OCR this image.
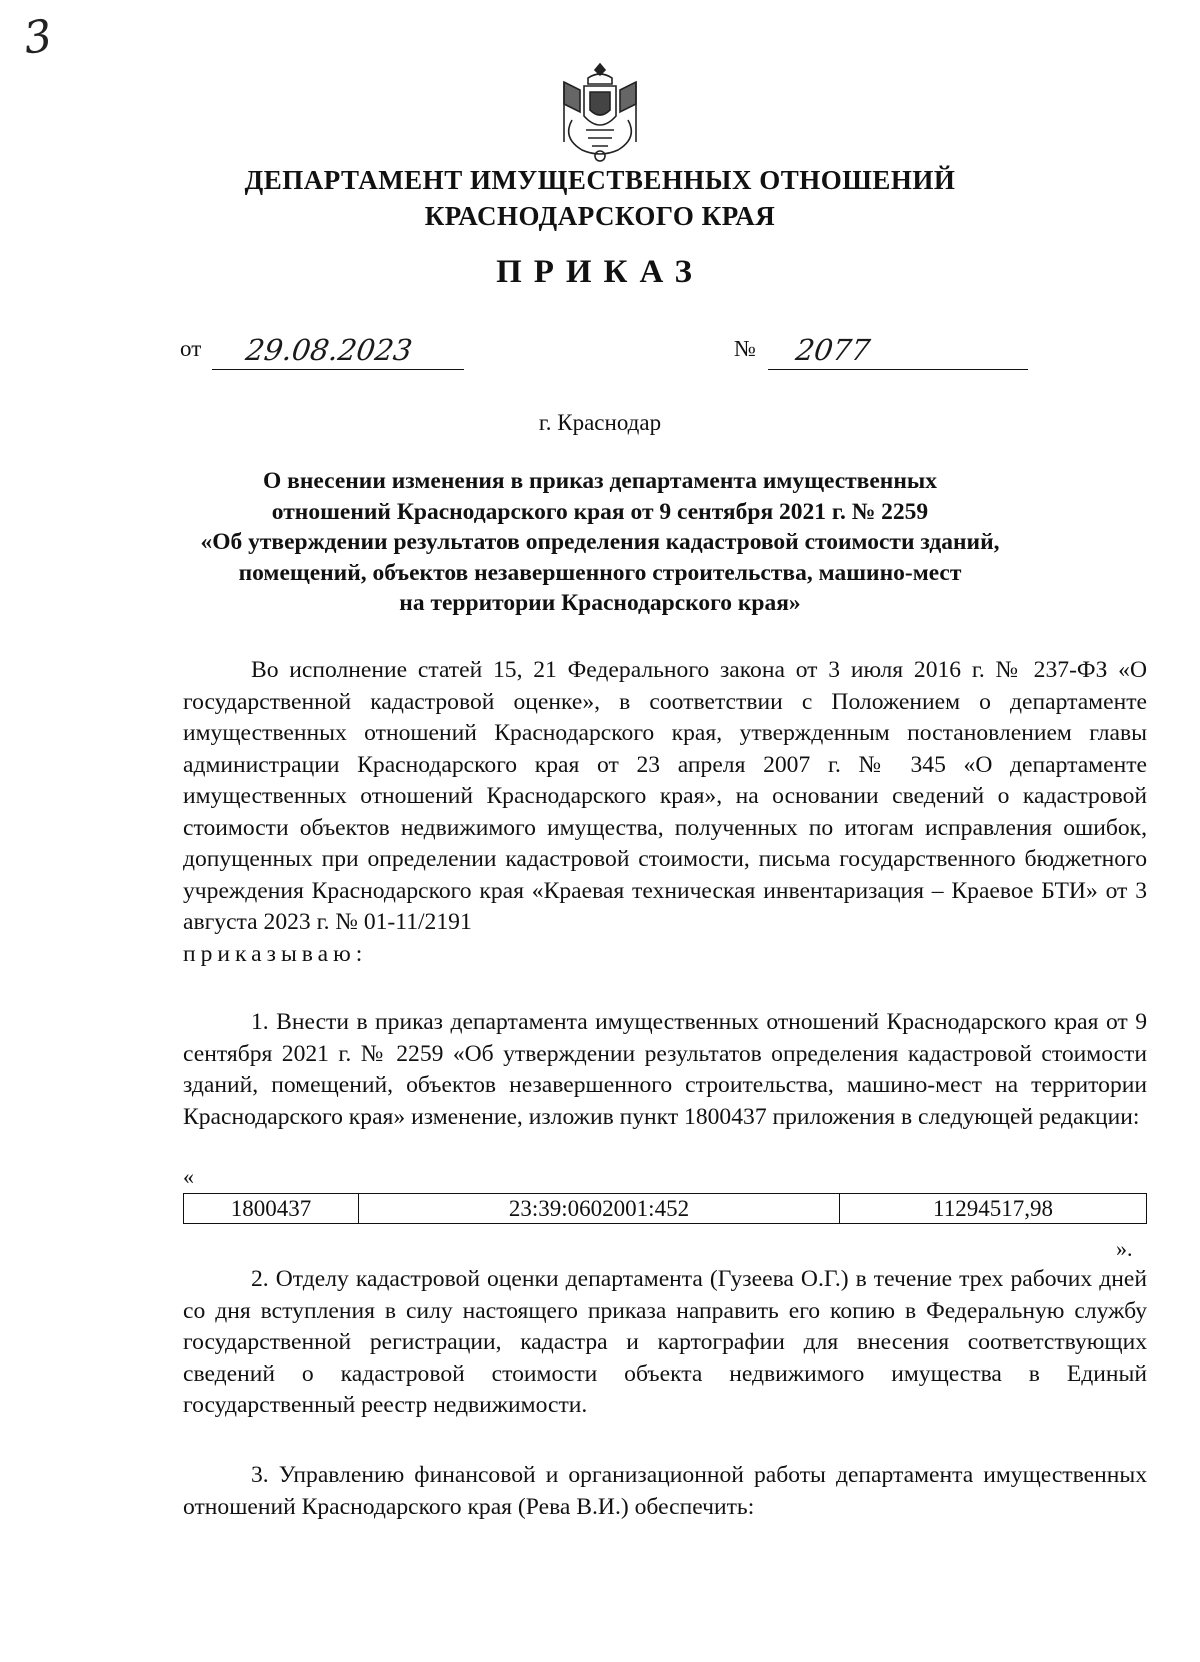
3
ДЕПАРТАМЕНТ ИМУЩЕСТВЕННЫХ ОТНОШЕНИЙ
КРАСНОДАРСКОГО КРАЯ
ПРИКАЗ
от	29.08.2023	№	2077
г. Краснодар
О внесении изменения в приказ департамента имущественных
отношений Краснодарского края от 9 сентября 2021 г. № 2259
«Об утверждении результатов определения кадастровой стоимости зданий,
помещений, объектов незавершенного строительства, машино-мест
на территории Краснодарского края»
Во исполнение статей 15, 21 Федерального закона от 3 июля 2016 г. № 237-ФЗ «О государственной кадастровой оценке», в соответствии с Положением о департаменте имущественных отношений Краснодарского края, утвержденным постановлением главы администрации Краснодарского края от 23 апреля 2007 г. № 345 «О департаменте имущественных отношений Краснодарского края», на основании сведений о кадастровой стоимости объектов недвижимого имущества, полученных по итогам исправления ошибок, допущенных при определении кадастровой стоимости, письма государственного бюджетного учреждения Краснодарского края «Краевая техническая инвентаризация – Краевое БТИ» от 3 августа 2023 г. № 01-11/2191
приказываю:
1. Внести в приказ департамента имущественных отношений Краснодарского края от 9 сентября 2021 г. № 2259 «Об утверждении результатов определения кадастровой стоимости зданий, помещений, объектов незавершенного строительства, машино-мест на территории Краснодарского края» изменение, изложив пункт 1800437 приложения в следующей редакции:
«
1800437	23:39:0602001:452	11294517,98
».
2. Отделу кадастровой оценки департамента (Гузеева О.Г.) в течение трех рабочих дней со дня вступления в силу настоящего приказа направить его копию в Федеральную службу государственной регистрации, кадастра и картографии для внесения соответствующих сведений о кадастровой стоимости объекта недвижимого имущества в Единый государственный реестр недвижимости.
3. Управлению финансовой и организационной работы департамента имущественных отношений Краснодарского края (Рева В.И.) обеспечить:
